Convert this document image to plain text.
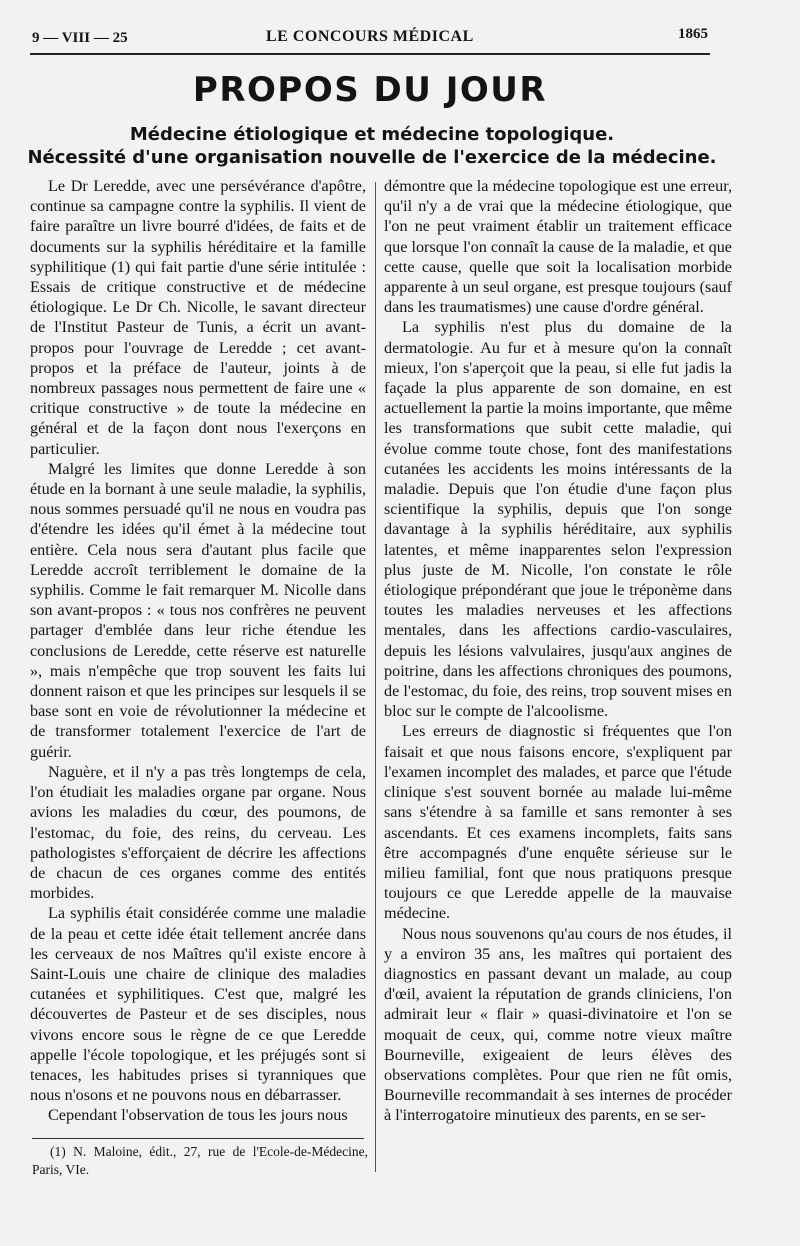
9 — VIII — 25	LE CONCOURS MÉDICAL	1865
PROPOS DU JOUR
Médecine étiologique et médecine topologique.
Nécessité d'une organisation nouvelle de l'exercice de la médecine.

Le Dr Leredde, avec une persévérance d'apôtre, continue sa campagne contre la syphilis. Il vient de faire paraître un livre bourré d'idées, de faits et de documents sur la syphilis héréditaire et la famille syphilitique (1) qui fait partie d'une série intitulée : Essais de critique constructive et de médecine étiologique. Le Dr Ch. Nicolle, le savant directeur de l'Institut Pasteur de Tunis, a écrit un avant-propos pour l'ouvrage de Leredde ; cet avant-propos et la préface de l'auteur, joints à de nombreux passages nous permettent de faire une « critique constructive » de toute la médecine en général et de la façon dont nous l'exerçons en particulier.

Malgré les limites que donne Leredde à son étude en la bornant à une seule maladie, la syphilis, nous sommes persuadé qu'il ne nous en voudra pas d'étendre les idées qu'il émet à la médecine tout entière. Cela nous sera d'autant plus facile que Leredde accroît terriblement le domaine de la syphilis. Comme le fait remarquer M. Nicolle dans son avant-propos : « tous nos confrères ne peuvent partager d'emblée dans leur riche étendue les conclusions de Leredde, cette réserve est naturelle », mais n'empêche que trop souvent les faits lui donnent raison et que les principes sur lesquels il se base sont en voie de révolutionner la médecine et de transformer totalement l'exercice de l'art de guérir.

Naguère, et il n'y a pas très longtemps de cela, l'on étudiait les maladies organe par organe. Nous avions les maladies du cœur, des poumons, de l'estomac, du foie, des reins, du cerveau. Les pathologistes s'efforçaient de décrire les affections de chacun de ces organes comme des entités morbides.

La syphilis était considérée comme une maladie de la peau et cette idée était tellement ancrée dans les cerveaux de nos Maîtres qu'il existe encore à Saint-Louis une chaire de clinique des maladies cutanées et syphilitiques. C'est que, malgré les découvertes de Pasteur et de ses disciples, nous vivons encore sous le règne de ce que Leredde appelle l'école topologique, et les préjugés sont si tenaces, les habitudes prises si tyranniques que nous n'osons et ne pouvons nous en débarrasser.

Cependant l'observation de tous les jours nous

(1) N. Maloine, édit., 27, rue de l'Ecole-de-Médecine, Paris, VIe.

démontre que la médecine topologique est une erreur, qu'il n'y a de vrai que la médecine étiologique, que l'on ne peut vraiment établir un traitement efficace que lorsque l'on connaît la cause de la maladie, et que cette cause, quelle que soit la localisation morbide apparente à un seul organe, est presque toujours (sauf dans les traumatismes) une cause d'ordre général.

La syphilis n'est plus du domaine de la dermatologie. Au fur et à mesure qu'on la connaît mieux, l'on s'aperçoit que la peau, si elle fut jadis la façade la plus apparente de son domaine, en est actuellement la partie la moins importante, que même les transformations que subit cette maladie, qui évolue comme toute chose, font des manifestations cutanées les accidents les moins intéressants de la maladie. Depuis que l'on étudie d'une façon plus scientifique la syphilis, depuis que l'on songe davantage à la syphilis héréditaire, aux syphilis latentes, et même inapparentes selon l'expression plus juste de M. Nicolle, l'on constate le rôle étiologique prépondérant que joue le tréponème dans toutes les maladies nerveuses et les affections mentales, dans les affections cardio-vasculaires, depuis les lésions valvulaires, jusqu'aux angines de poitrine, dans les affections chroniques des poumons, de l'estomac, du foie, des reins, trop souvent mises en bloc sur le compte de l'alcoolisme.

Les erreurs de diagnostic si fréquentes que l'on faisait et que nous faisons encore, s'expliquent par l'examen incomplet des malades, et parce que l'étude clinique s'est souvent bornée au malade lui-même sans s'étendre à sa famille et sans remonter à ses ascendants. Et ces examens incomplets, faits sans être accompagnés d'une enquête sérieuse sur le milieu familial, font que nous pratiquons presque toujours ce que Leredde appelle de la mauvaise médecine.

Nous nous souvenons qu'au cours de nos études, il y a environ 35 ans, les maîtres qui portaient des diagnostics en passant devant un malade, au coup d'œil, avaient la réputation de grands cliniciens, l'on admirait leur « flair » quasi-divinatoire et l'on se moquait de ceux, qui, comme notre vieux maître Bourneville, exigeaient de leurs élèves des observations complètes. Pour que rien ne fût omis, Bourneville recommandait à ses internes de procéder à l'interrogatoire minutieux des parents, en se ser-
